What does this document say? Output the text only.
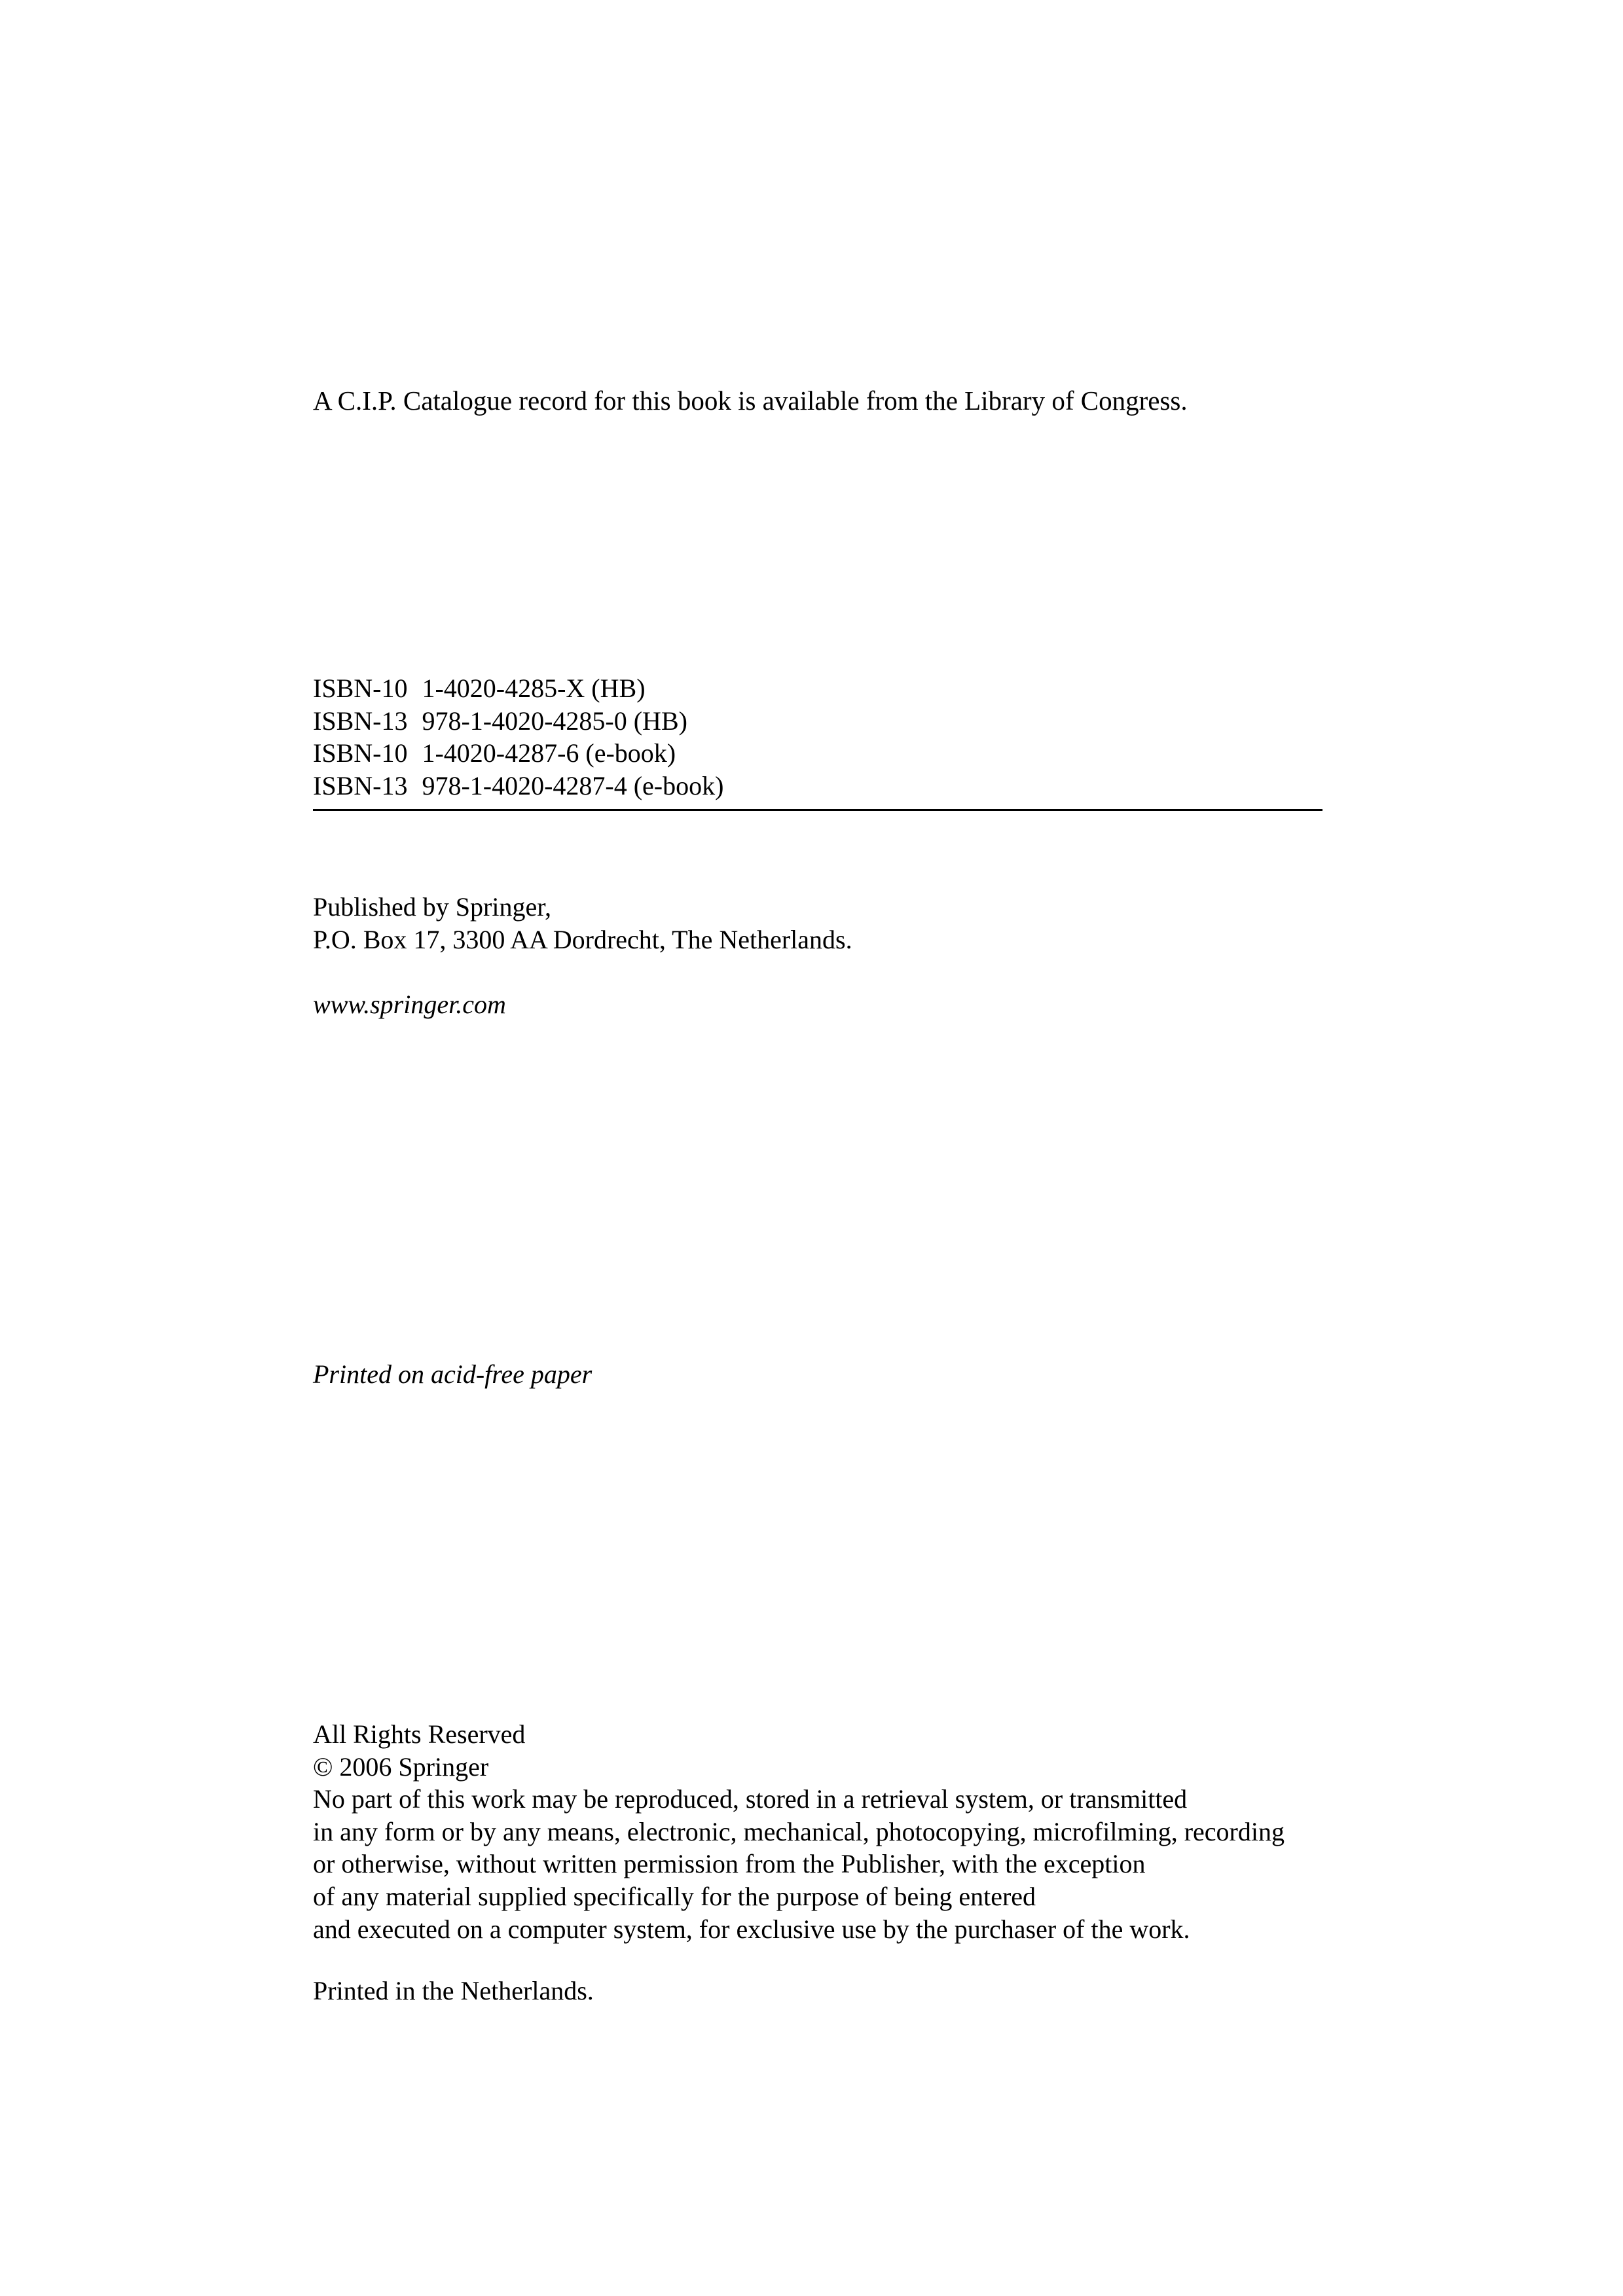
A C.I.P. Catalogue record for this book is available from the Library of Congress.
ISBN-10 1-4020-4285-X (HB)
ISBN-13 978-1-4020-4285-0 (HB)
ISBN-10 1-4020-4287-6 (e-book)
ISBN-13 978-1-4020-4287-4 (e-book)
Published by Springer,
P.O. Box 17, 3300 AA Dordrecht, The Netherlands.
www.springer.com
Printed on acid-free paper
All Rights Reserved
© 2006 Springer
No part of this work may be reproduced, stored in a retrieval system, or transmitted
in any form or by any means, electronic, mechanical, photocopying, microfilming, recording
or otherwise, without written permission from the Publisher, with the exception
of any material supplied specifically for the purpose of being entered
and executed on a computer system, for exclusive use by the purchaser of the work.
Printed in the Netherlands.
